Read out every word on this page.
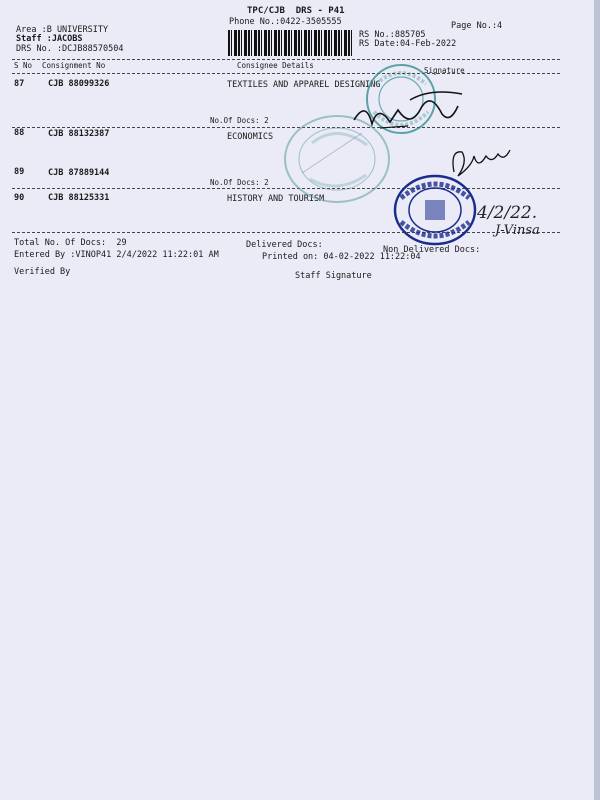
TPC/CJB  DRS - P41
Phone No.:0422-3505555	Page No.:4
Area :B UNIVERSITY
Staff :JACOBS
DRS No. :DCJB88570504
RS No.:885705
RS Date:04-Feb-2022
S No Consignment No	Consignee Details
Signature
87	CJB 88099326	TEXTILES AND APPAREL DESIGNING
No.Of Docs: 2
88	CJB 88132387	ECONOMICS
89	CJB 87889144
No.Of Docs: 2
90	CJB 88125331	HISTORY AND TOURISM
Total No. Of Docs:  29	Delivered Docs:	Non Delivered Docs:
Entered By :VINOP41 2/4/2022 11:22:01 AM	Printed on: 04-02-2022 11:22:04
Verified By	Staff Signature
4/2/22.
J-Vinsa
